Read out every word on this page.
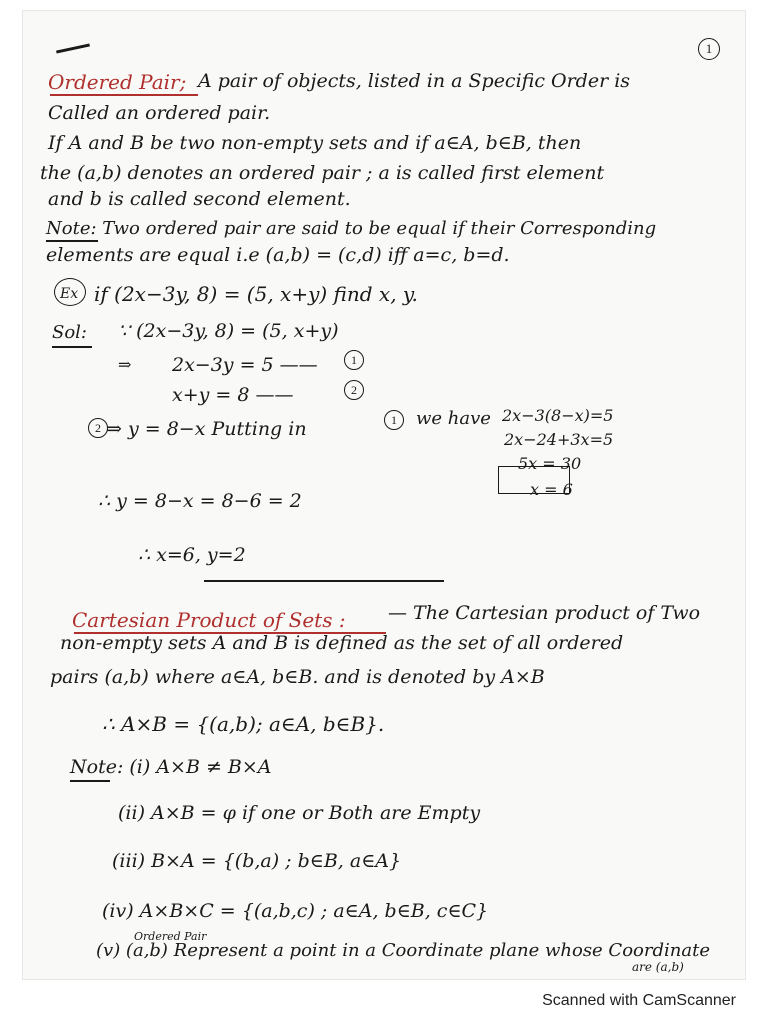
1
Ordered Pair; A pair of objects, listed in a Specific Order is
Called an ordered pair.
If A and B be two non-empty sets and if a∈A, b∈B, then
the (a,b) denotes an ordered pair ; a is called first element
and b is called second element.
Note: Two ordered pair are said to be equal if their Corresponding
elements are equal i.e (a,b) = (c,d) iff a=c, b=d.
Ex if (2x−3y, 8) = (5, x+y) find x, y.
Sol: ∵ (2x−3y, 8) = (5, x+y)
⇒ 2x−3y = 5 ——
x+y = 8 ——
⇒ y = 8−x Putting in	we have 2x−3(8−x)=5
2x−24+3x=5
5x = 30
x = 6
∴ y = 8−x = 8−6 = 2
∴ x=6, y=2
Cartesian Product of Sets : — The Cartesian product of Two
non-empty sets A and B is defined as the set of all ordered
pairs (a,b) where a∈A, b∈B. and is denoted by A×B
∴ A×B = {(a,b); a∈A, b∈B}.
Note: (i) A×B ≠ B×A
(ii) A×B = φ if one or Both are Empty
(iii) B×A = {(b,a) ; b∈B, a∈A}
(iv) A×B×C = {(a,b,c) ; a∈A, b∈B, c∈C}
Ordered Pair
(v) (a,b) Represent a point in a Coordinate plane whose Coordinate
are (a,b)
1
2
2
1
Scanned with CamScanner
